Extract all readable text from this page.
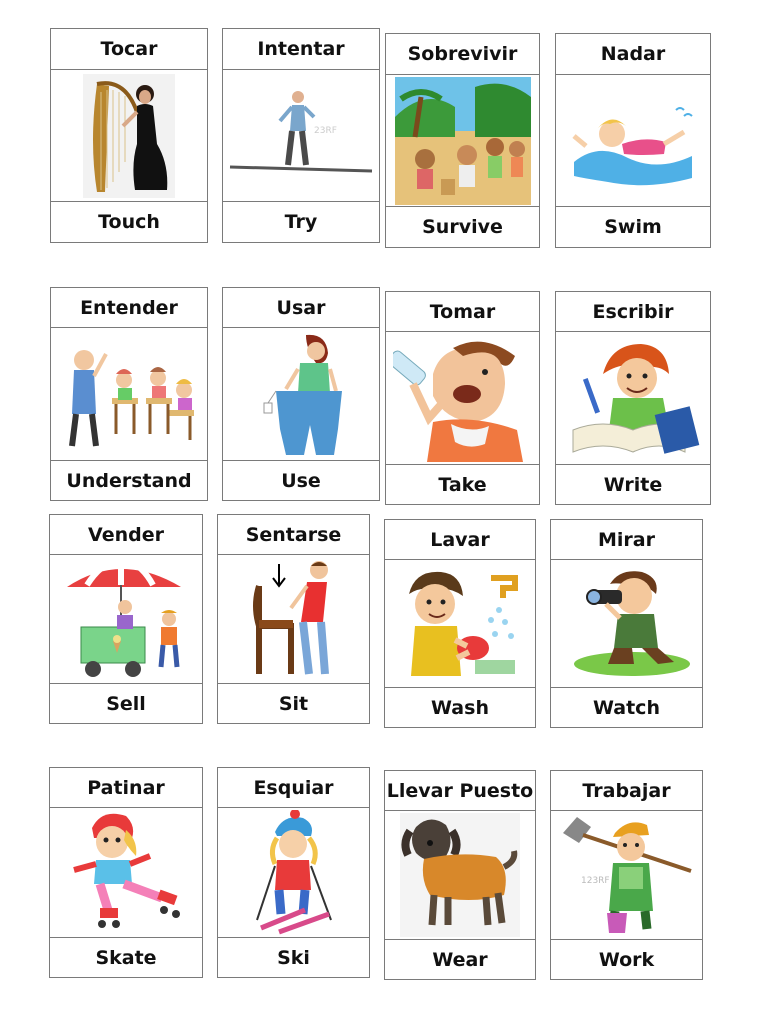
Tocar
Touch
Intentar
23RF
Try
Sobrevivir
Survive
Nadar
Swim
Entender
Understand
Usar
Use
Tomar
Take
Escribir
Write
Vender
Sell
Sentarse
Sit
Lavar
Wash
Mirar
Watch
Patinar
Skate
Esquiar
Ski
Llevar Puesto
Wear
Trabajar
123RF
Work
